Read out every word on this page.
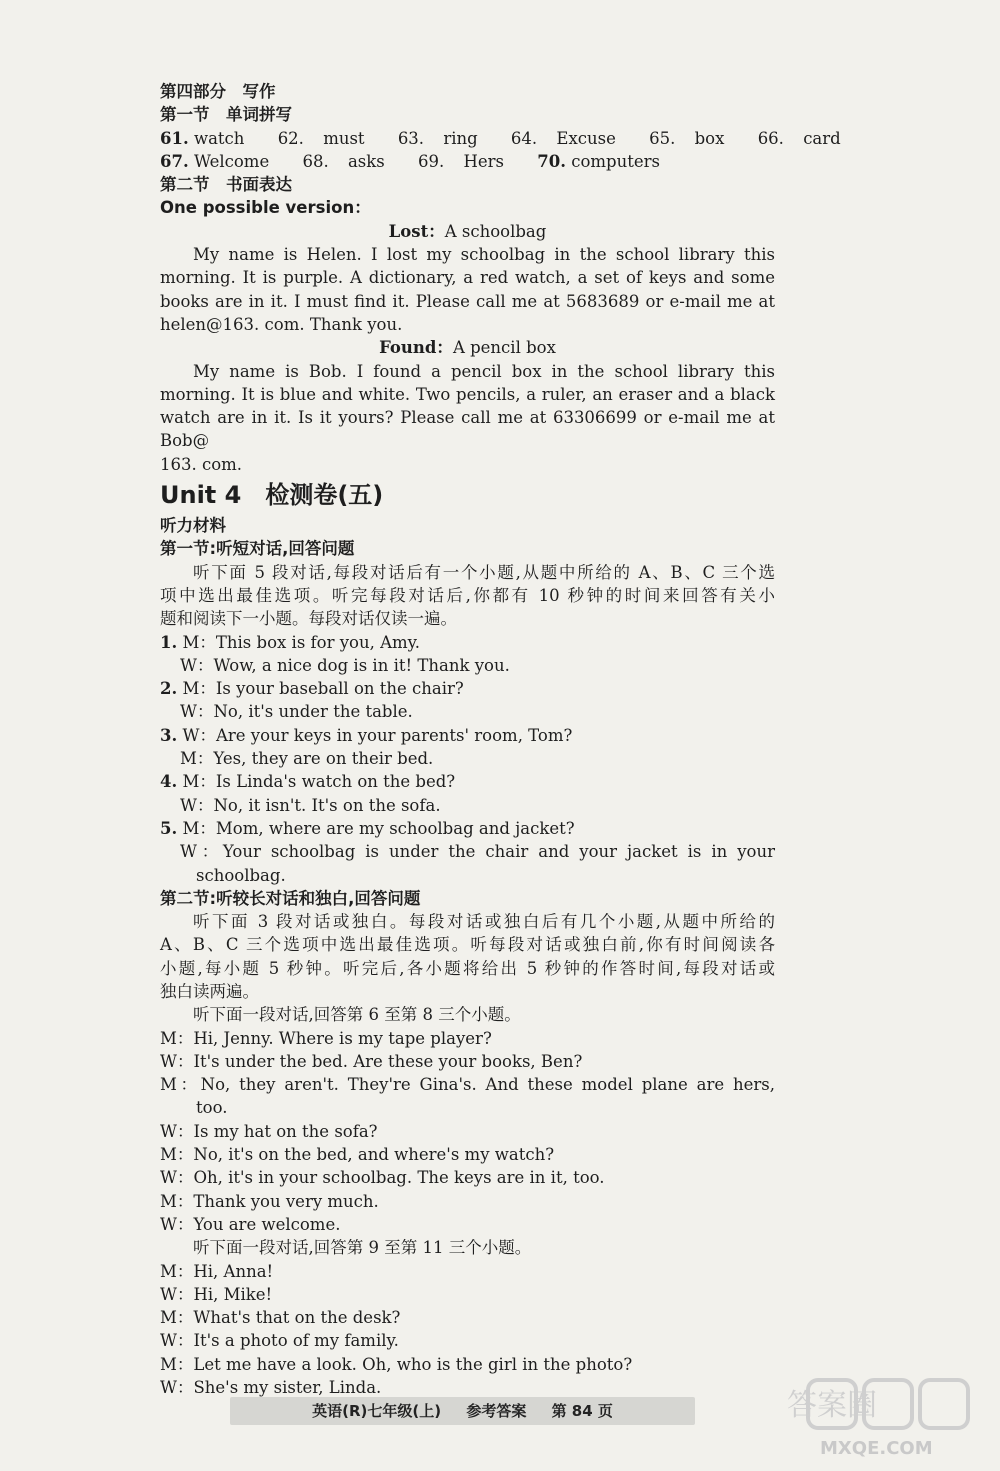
第四部分　写作
第一节　单词拼写
61. watch 62. must 63. ring 64. Excuse 65. box 66. card
67. Welcome 68. asks 69. Hers 70. computers
第二节　书面表达
One possible version：
Lost：A schoolbag
My name is Helen. I lost my schoolbag in the school library this
morning. It is purple. A dictionary, a red watch, a set of keys and some
books are in it. I must find it. Please call me at 5683689 or e-mail me at
helen@163. com. Thank you.
Found：A pencil box
My name is Bob. I found a pencil box in the school library this
morning. It is blue and white. Two pencils, a ruler, an eraser and a black
watch are in it. Is it yours? Please call me at 63306699 or e-mail me at Bob@
163. com.
Unit 4　检测卷(五)
听力材料
第一节:听短对话,回答问题
听下面 5 段对话,每段对话后有一个小题,从题中所给的 A、B、C 三个选
项中选出最佳选项。听完每段对话后,你都有 10 秒钟的时间来回答有关小
题和阅读下一小题。每段对话仅读一遍。
1. M：This box is for you, Amy.
W：Wow, a nice dog is in it! Thank you.
2. M：Is your baseball on the chair?
W：No, it's under the table.
3. W：Are your keys in your parents' room, Tom?
M：Yes, they are on their bed.
4. M：Is Linda's watch on the bed?
W：No, it isn't. It's on the sofa.
5. M：Mom, where are my schoolbag and jacket?
W：Your schoolbag is under the chair and your jacket is in your
schoolbag.
第二节:听较长对话和独白,回答问题
听下面 3 段对话或独白。每段对话或独白后有几个小题,从题中所给的
A、B、C 三个选项中选出最佳选项。听每段对话或独白前,你有时间阅读各
小题,每小题 5 秒钟。听完后,各小题将给出 5 秒钟的作答时间,每段对话或
独白读两遍。
听下面一段对话,回答第 6 至第 8 三个小题。
M：Hi, Jenny. Where is my tape player?
W：It's under the bed. Are these your books, Ben?
M：No, they aren't. They're Gina's. And these model plane are hers,
too.
W：Is my hat on the sofa?
M：No, it's on the bed, and where's my watch?
W：Oh, it's in your schoolbag. The keys are in it, too.
M：Thank you very much.
W：You are welcome.
听下面一段对话,回答第 9 至第 11 三个小题。
M：Hi, Anna!
W：Hi, Mike!
M：What's that on the desk?
W：It's a photo of my family.
M：Let me have a look. Oh, who is the girl in the photo?
W：She's my sister, Linda.
英语(R)七年级(上) 参考答案 第 84 页	答案圈
MXQE.COM
